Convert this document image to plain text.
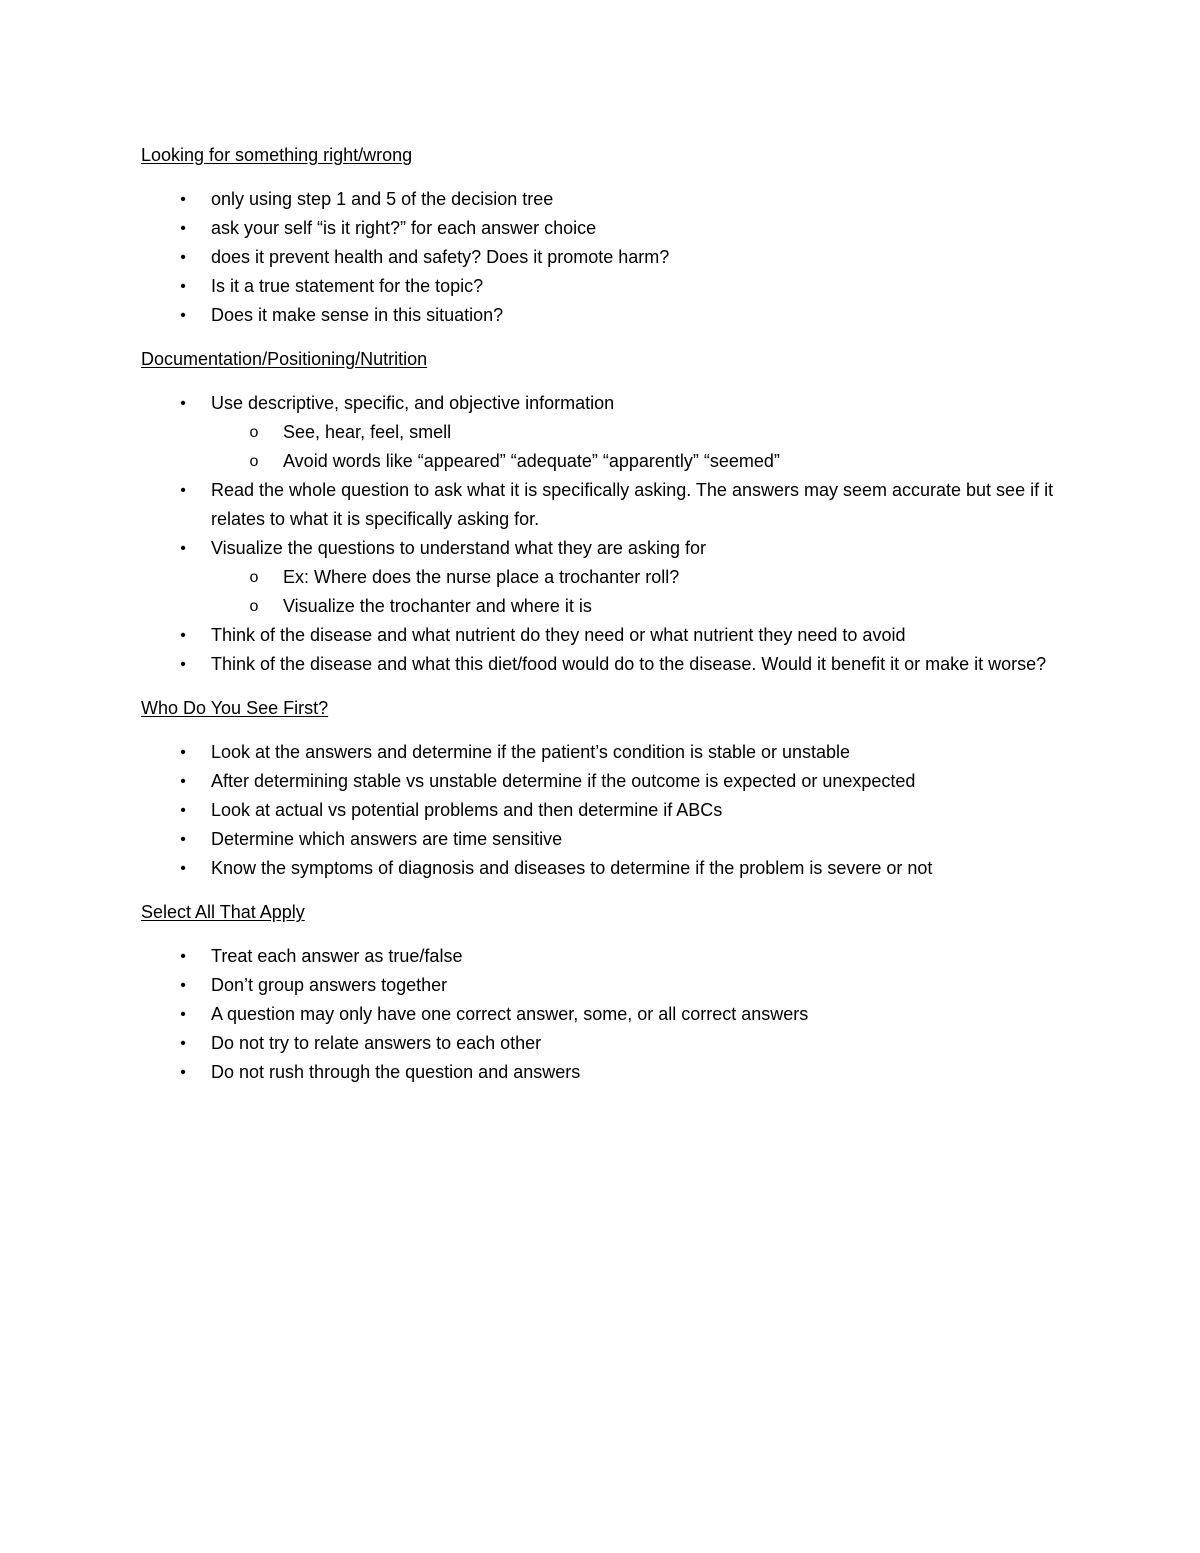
Looking for something right/wrong
•	only using step 1 and 5 of the decision tree
•	ask your self “is it right?” for each answer choice
•	does it prevent health and safety? Does it promote harm?
•	Is it a true statement for the topic?
•	Does it make sense in this situation?
Documentation/Positioning/Nutrition
•	Use descriptive, specific, and objective information
o See, hear, feel, smell
o Avoid words like “appeared” “adequate” “apparently” “seemed”
•	Read the whole question to ask what it is specifically asking. The answers may seem accurate but see if it relates to what it is specifically asking for.
•	Visualize the questions to understand what they are asking for
o Ex: Where does the nurse place a trochanter roll?
o Visualize the trochanter and where it is
•	Think of the disease and what nutrient do they need or what nutrient they need to avoid
•	Think of the disease and what this diet/food would do to the disease. Would it benefit it or make it worse?
Who Do You See First?
•	Look at the answers and determine if the patient’s condition is stable or unstable
•	After determining stable vs unstable determine if the outcome is expected or unexpected
•	Look at actual vs potential problems and then determine if ABCs
•	Determine which answers are time sensitive
•	Know the symptoms of diagnosis and diseases to determine if the problem is severe or not
Select All That Apply
•	Treat each answer as true/false
•	Don’t group answers together
•	A question may only have one correct answer, some, or all correct answers
•	Do not try to relate answers to each other
•	Do not rush through the question and answers
